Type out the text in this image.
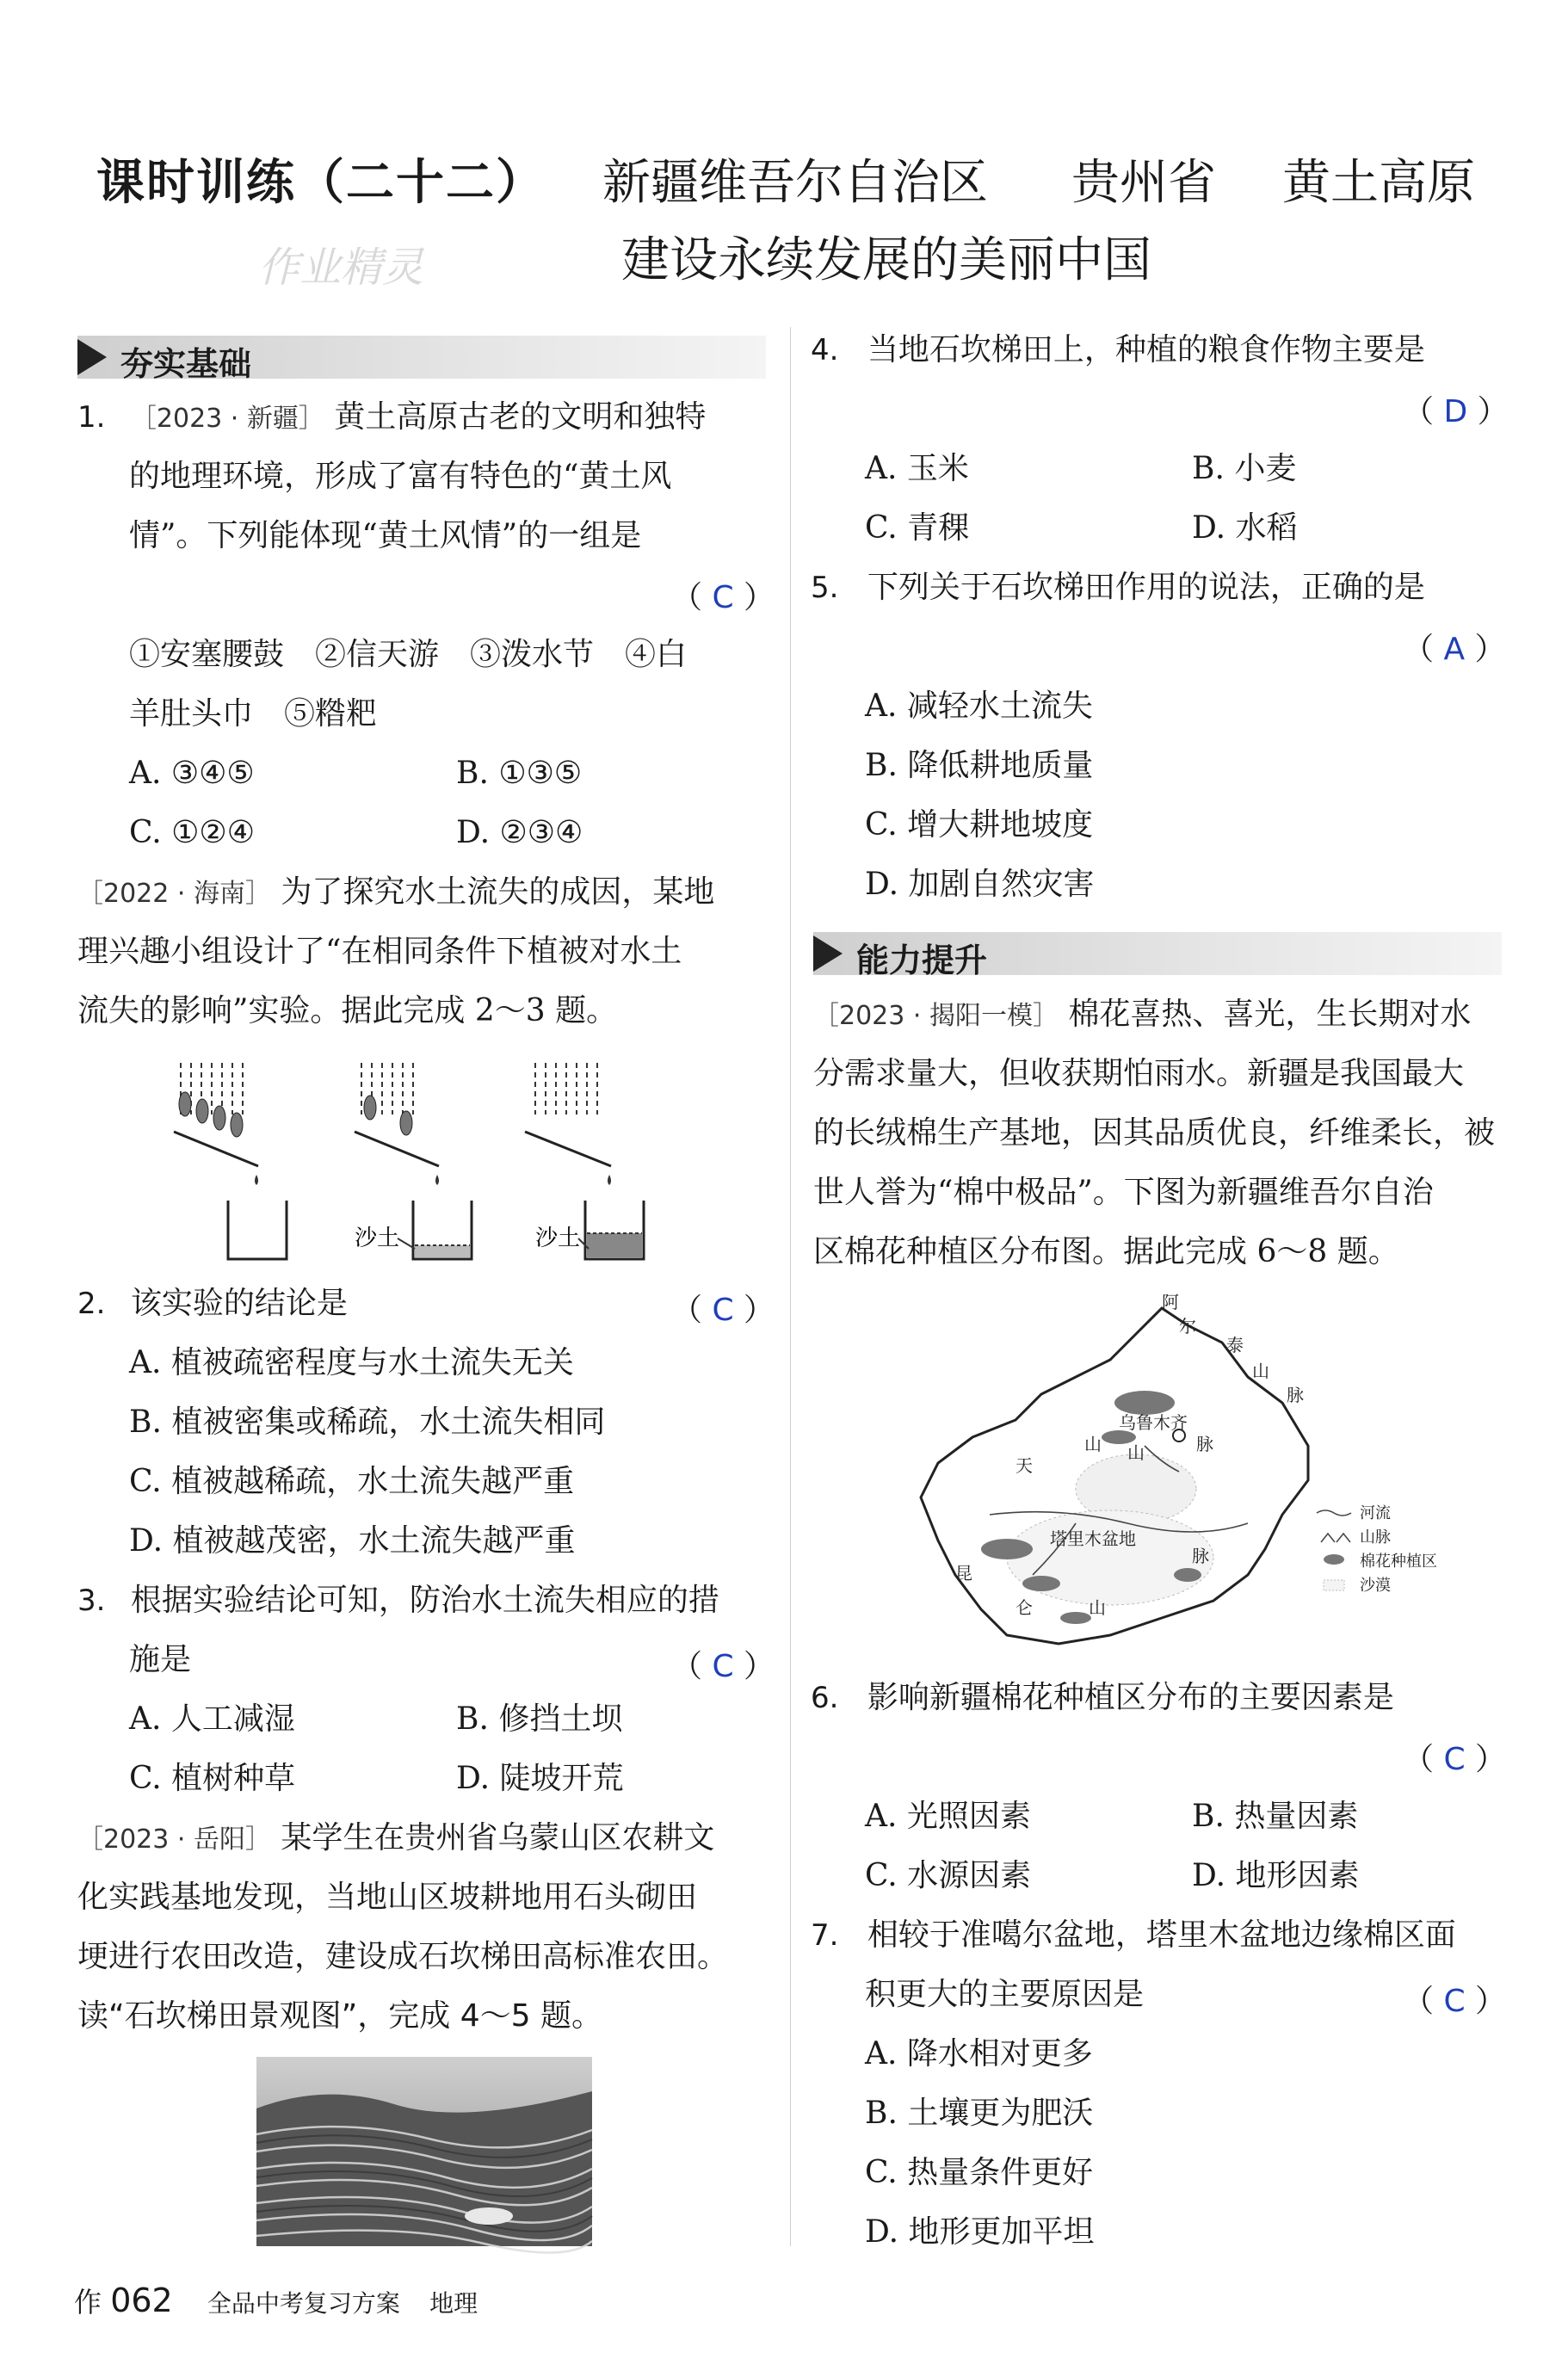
课时训练（二十二） 新疆维吾尔自治区 贵州省 黄土高原
建设永续发展的美丽中国
作业精灵
夯实基础
1. ［2023 · 新疆］ 黄土高原古老的文明和独特
的地理环境，形成了富有特色的“黄土风
情”。下列能体现“黄土风情”的一组是
（ C ）
①安塞腰鼓　②信天游　③泼水节　④白
羊肚头巾　⑤糌粑
A. ③④⑤	B. ①③⑤
C. ①②④	D. ②③④
［2022 · 海南］ 为了探究水土流失的成因，某地
理兴趣小组设计了“在相同条件下植被对水土
流失的影响”实验。据此完成 2～3 题。
沙土	沙土
2. 该实验的结论是	（ C ）
A. 植被疏密程度与水土流失无关
B. 植被密集或稀疏，水土流失相同
C. 植被越稀疏，水土流失越严重
D. 植被越茂密，水土流失越严重
3. 根据实验结论可知，防治水土流失相应的措
施是	（ C ）
A. 人工减湿	B. 修挡土坝
C. 植树种草	D. 陡坡开荒
［2023 · 岳阳］ 某学生在贵州省乌蒙山区农耕文
化实践基地发现，当地山区坡耕地用石头砌田
埂进行农田改造，建设成石坎梯田高标准农田。
读“石坎梯田景观图”，完成 4～5 题。
4. 当地石坎梯田上，种植的粮食作物主要是
（ D ）
A. 玉米	B. 小麦
C. 青稞	D. 水稻
5. 下列关于石坎梯田作用的说法，正确的是
（ A ）
A. 减轻水土流失
B. 降低耕地质量
C. 增大耕地坡度
D. 加剧自然灾害
能力提升
［2023 · 揭阳一模］ 棉花喜热、喜光，生长期对水
分需求量大，但收获期怕雨水。新疆是我国最大
的长绒棉生产基地，因其品质优良，纤维柔长，被
世人誉为“棉中极品”。下图为新疆维吾尔自治
区棉花种植区分布图。据此完成 6～8 题。
阿
尔
泰
山
脉
乌鲁木齐
天
山 山	脉
塔里木盆地
脉
昆
仑	山
河流
山脉
棉花种植区
沙漠
6. 影响新疆棉花种植区分布的主要因素是
（ C ）
A. 光照因素	B. 热量因素
C. 水源因素	D. 地形因素
7. 相较于准噶尔盆地，塔里木盆地边缘棉区面
积更大的主要原因是	（ C ）
A. 降水相对更多
B. 土壤更为肥沃
C. 热量条件更好
D. 地形更加平坦
作 062 全品中考复习方案 地理
